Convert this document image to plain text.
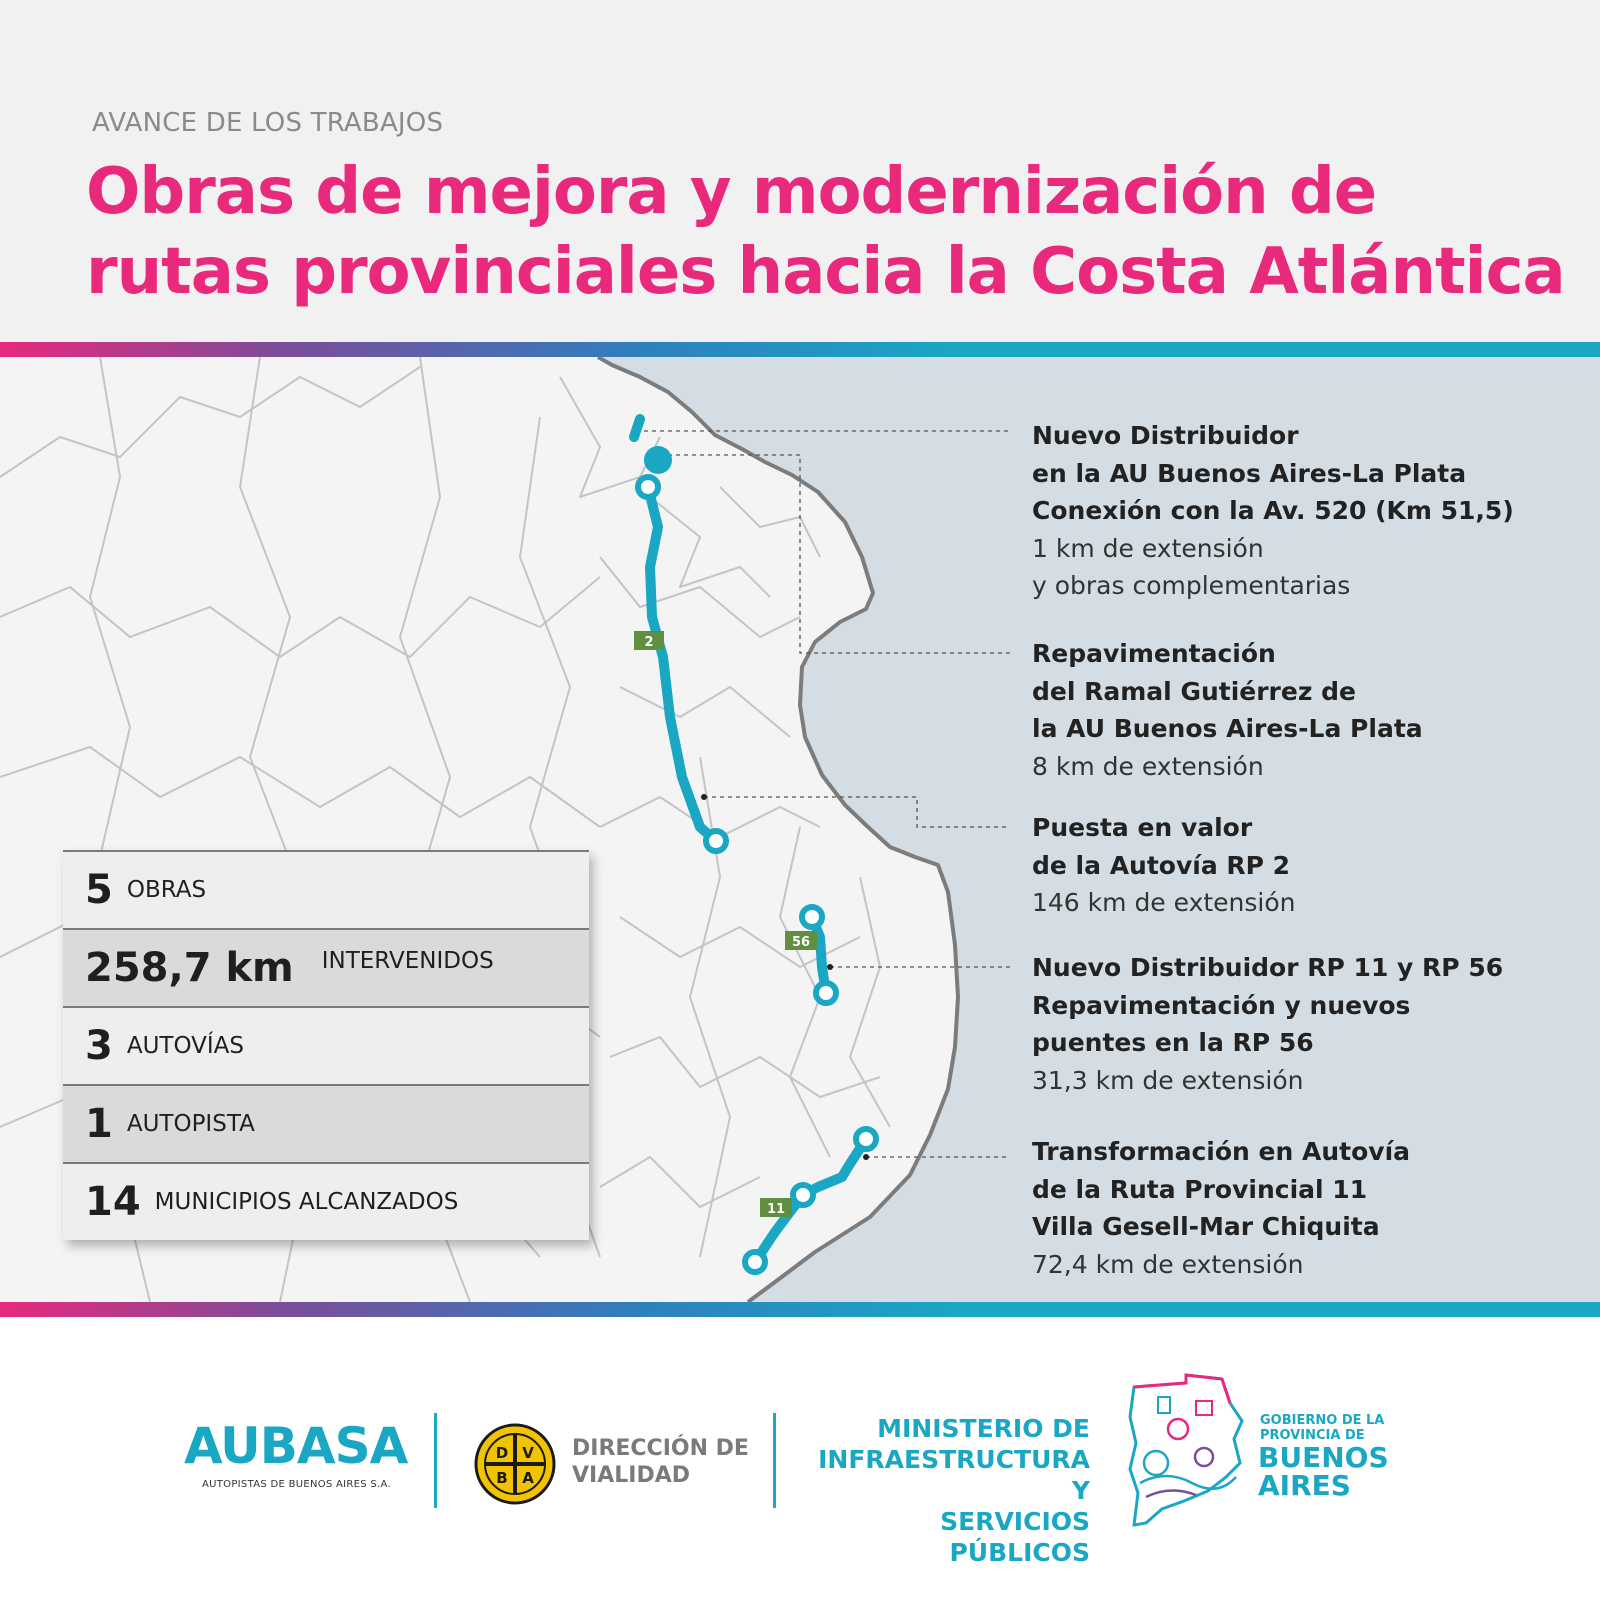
AVANCE DE LOS TRABAJOS
Obras de mejora y modernización de rutas provinciales hacia la Costa Atlántica
2
56
11
Nuevo Distribuidor
en la AU Buenos Aires-La Plata
Conexión con la Av. 520 (Km 51,5)
1 km de extensión
y obras complementarias
Repavimentación
del Ramal Gutiérrez de
la AU Buenos Aires-La Plata
8 km de extensión
Puesta en valor
de la Autovía RP 2
146 km de extensión
Nuevo Distribuidor RP 11 y RP 56
Repavimentación y nuevos
puentes en la RP 56
31,3 km de extensión
Transformación en Autovía
de la Ruta Provincial 11
Villa Gesell-Mar Chiquita
72,4 km de extensión
5 OBRAS
258,7 km INTERVENIDOS
3 AUTOVÍAS
1 AUTOPISTA
14 MUNICIPIOS ALCANZADOS
AUBASA
AUTOPISTAS DE BUENOS AIRES S.A.
D V
B A
DIRECCIÓN DE
VIALIDAD
MINISTERIO DE
INFRAESTRUCTURA Y
SERVICIOS PÚBLICOS
GOBIERNO DE LA
PROVINCIA DE
BUENOS
AIRES
